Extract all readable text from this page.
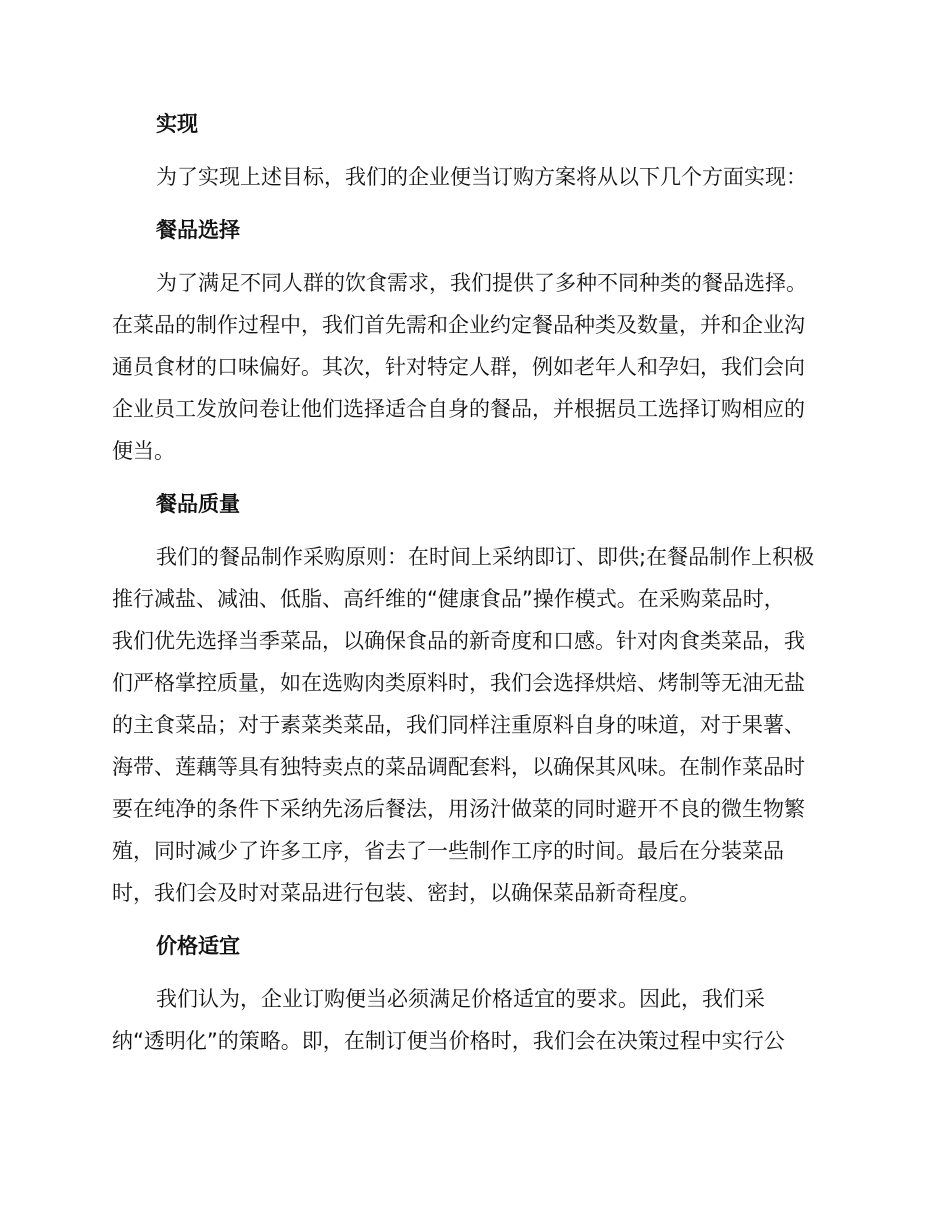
实现
为了实现上述目标，我们的企业便当订购方案将从以下几个方面实现：
餐品选择
为了满足不同人群的饮食需求，我们提供了多种不同种类的餐品选择。
在菜品的制作过程中，我们首先需和企业约定餐品种类及数量，并和企业沟
通员食材的口味偏好。其次，针对特定人群，例如老年人和孕妇，我们会向
企业员工发放问卷让他们选择适合自身的餐品，并根据员工选择订购相应的
便当。
餐品质量
我们的餐品制作采购原则：在时间上采纳即订、即供;在餐品制作上积极
推行减盐、减油、低脂、高纤维的“健康食品”操作模式。在采购菜品时，
我们优先选择当季菜品，以确保食品的新奇度和口感。针对肉食类菜品，我
们严格掌控质量，如在选购肉类原料时，我们会选择烘焙、烤制等无油无盐
的主食菜品；对于素菜类菜品，我们同样注重原料自身的味道，对于果薯、
海带、莲藕等具有独特卖点的菜品调配套料，以确保其风味。在制作菜品时
要在纯净的条件下采纳先汤后餐法，用汤汁做菜的同时避开不良的微生物繁
殖，同时减少了许多工序，省去了一些制作工序的时间。最后在分装菜品
时，我们会及时对菜品进行包装、密封，以确保菜品新奇程度。
价格适宜
我们认为，企业订购便当必须满足价格适宜的要求。因此，我们采
纳“透明化”的策略。即，在制订便当价格时，我们会在决策过程中实行公
